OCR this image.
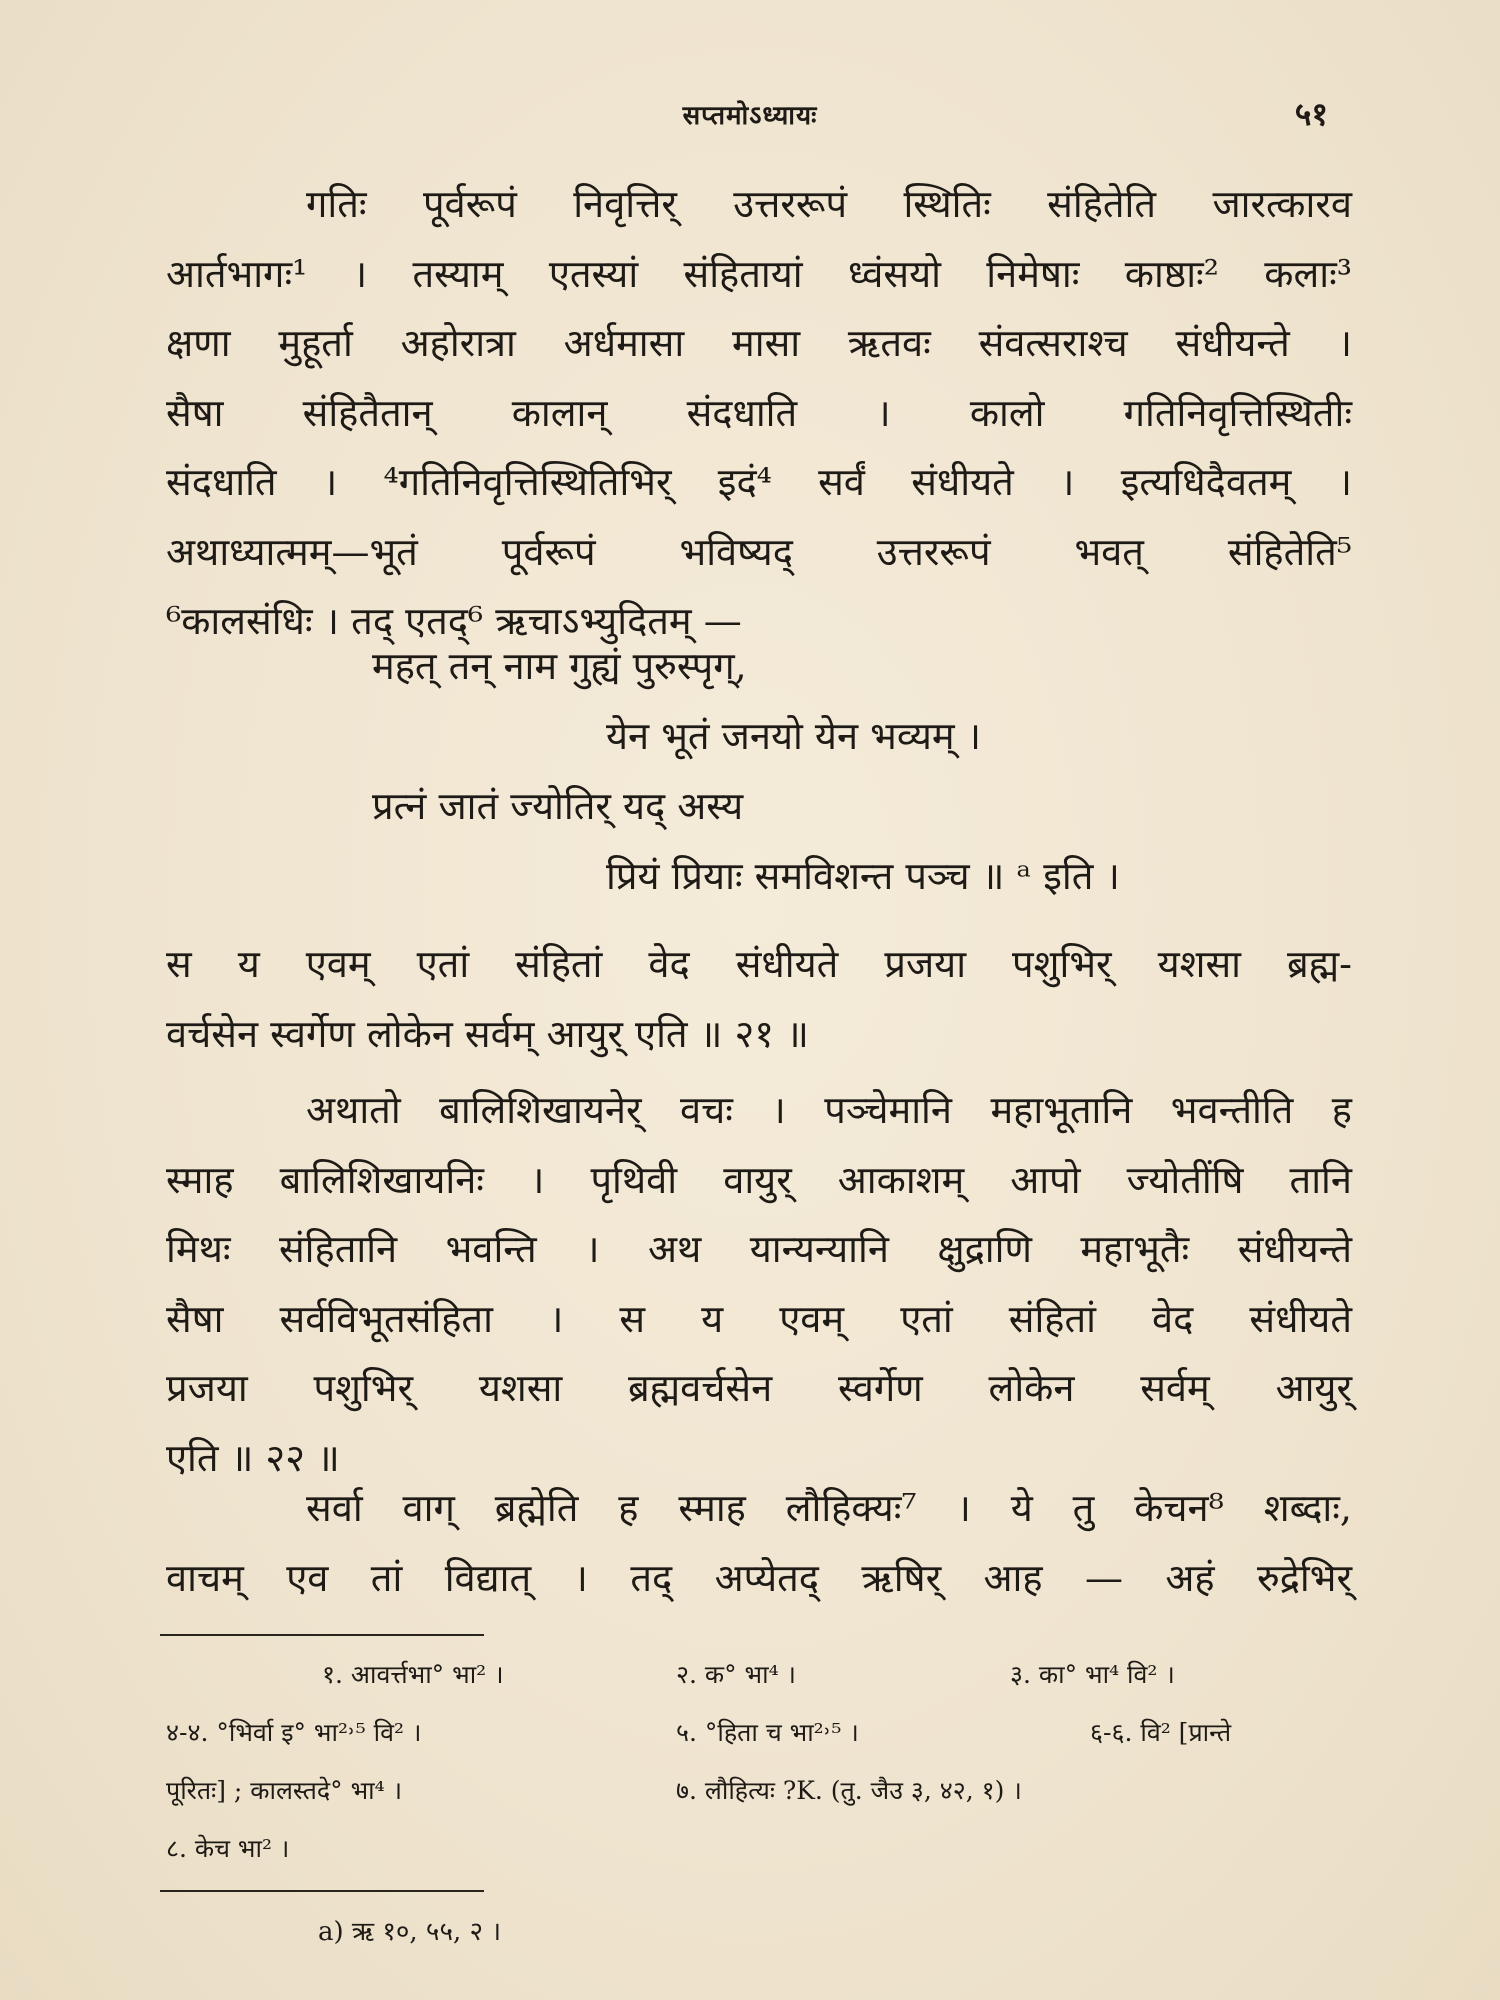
सप्तमोऽध्यायः	५१
गतिः पूर्वरूपं निवृत्तिर् उत्तररूपं स्थितिः संहितेति जारत्कारव
आर्तभागः¹ । तस्याम् एतस्यां संहितायां ध्वंसयो निमेषाः काष्ठाः² कलाः³
क्षणा मुहूर्ता अहोरात्रा अर्धमासा मासा ऋतवः संवत्सराश्च संधीयन्ते ।
सैषा संहितैतान् कालान् संदधाति । कालो गतिनिवृत्तिस्थितीः
संदधाति । ⁴गतिनिवृत्तिस्थितिभिर् इदं⁴ सर्वं संधीयते । इत्यधिदैवतम् ।
अथाध्यात्मम्—भूतं पूर्वरूपं भविष्यद् उत्तररूपं भवत् संहितेति⁵
⁶कालसंधिः । तद् एतद्⁶ ऋचाऽभ्युदितम् —
महत् तन् नाम गुह्यं पुरुस्पृग्,
येन भूतं जनयो येन भव्यम् ।
प्रत्नं जातं ज्योतिर् यद् अस्य
प्रियं प्रियाः समविशन्त पञ्च ॥ ᵃ इति ।
स य एवम् एतां संहितां वेद संधीयते प्रजया पशुभिर् यशसा ब्रह्म-
वर्चसेन स्वर्गेण लोकेन सर्वम् आयुर् एति ॥ २१ ॥
अथातो बालिशिखायनेर् वचः । पञ्चेमानि महाभूतानि भवन्तीति ह
स्माह बालिशिखायनिः । पृथिवी वायुर् आकाशम् आपो ज्योतींषि तानि
मिथः संहितानि भवन्ति । अथ यान्यन्यानि क्षुद्राणि महाभूतैः संधीयन्ते
सैषा सर्वविभूतसंहिता । स य एवम् एतां संहितां वेद संधीयते
प्रजया पशुभिर् यशसा ब्रह्मवर्चसेन स्वर्गेण लोकेन सर्वम् आयुर्
एति ॥ २२ ॥
सर्वा वाग् ब्रह्मेति ह स्माह लौहिक्यः⁷ । ये तु केचन⁸ शब्दाः,
वाचम् एव तां विद्यात् । तद् अप्येतद् ऋषिर् आह — अहं रुद्रेभिर्
१. आवर्त्तभा° भा² ।	२. क° भा⁴ ।	३. का° भा⁴ वि² ।
४-४. °भिर्वा इ° भा²˒⁵ वि² ।	५. °हिता च भा²˒⁵ ।	६-६. वि² [प्रान्ते
पूरितः] ; कालस्तदे° भा⁴ ।	७. लौहित्यः ?K. (तु. जैउ ३, ४२, १) ।
८. केच भा² ।
a) ऋ १०, ५५, २ ।
